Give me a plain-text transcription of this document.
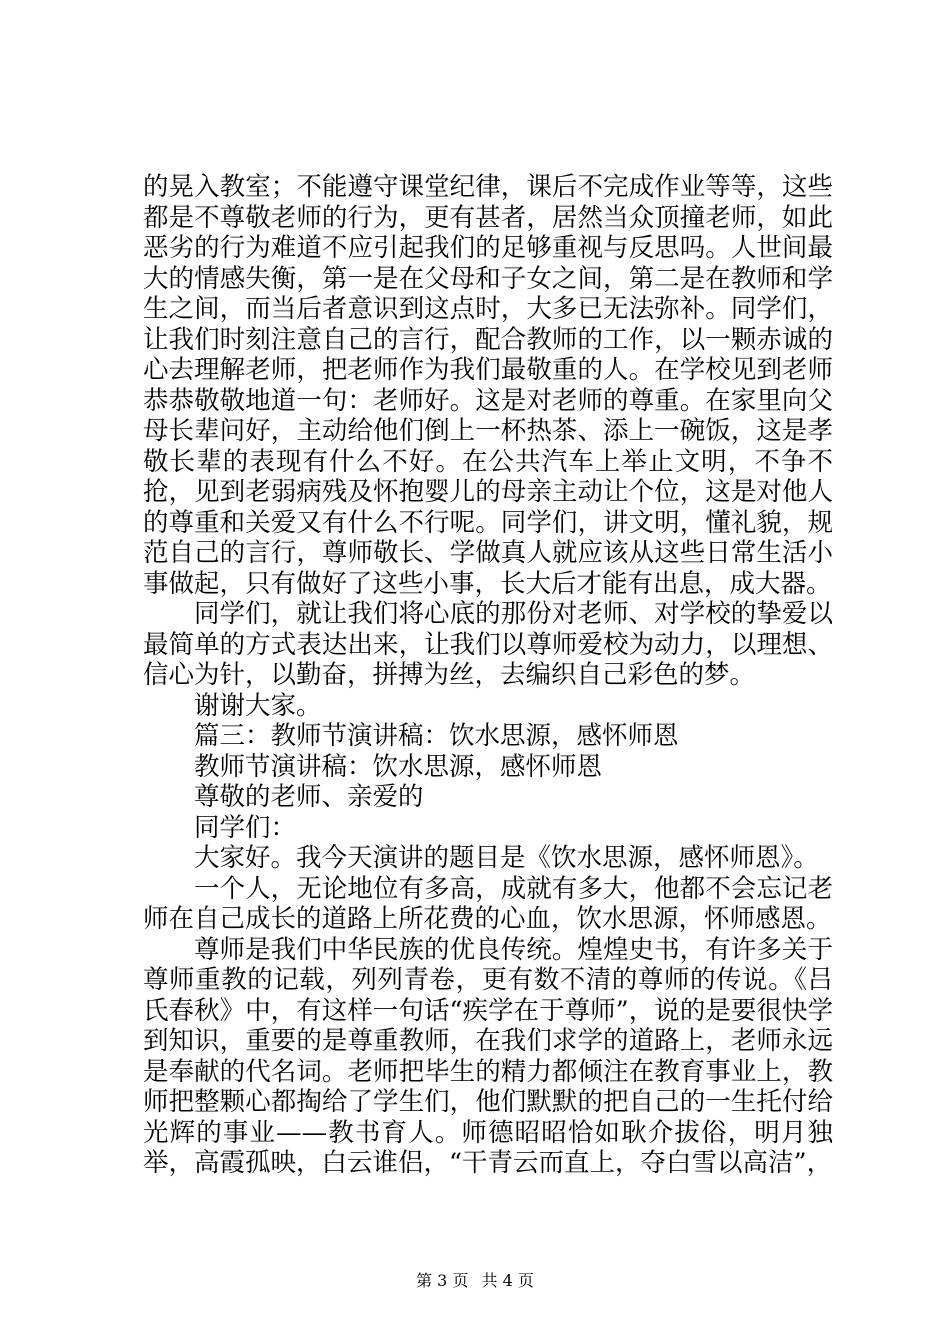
的晃入教室；不能遵守课堂纪律，课后不完成作业等等，这些都是不尊敬老师的行为，更有甚者，居然当众顶撞老师，如此恶劣的行为难道不应引起我们的足够重视与反思吗。人世间最大的情感失衡，第一是在父母和子女之间，第二是在教师和学生之间，而当后者意识到这点时，大多已无法弥补。同学们，让我们时刻注意自己的言行，配合教师的工作，以一颗赤诚的心去理解老师，把老师作为我们最敬重的人。在学校见到老师恭恭敬敬地道一句：老师好。这是对老师的尊重。在家里向父母长辈问好，主动给他们倒上一杯热茶、添上一碗饭，这是孝敬长辈的表现有什么不好。在公共汽车上举止文明，不争不抢，见到老弱病残及怀抱婴儿的母亲主动让个位，这是对他人的尊重和关爱又有什么不行呢。同学们，讲文明，懂礼貌，规范自己的言行，尊师敬长、学做真人就应该从这些日常生活小事做起，只有做好了这些小事，长大后才能有出息，成大器。

同学们，就让我们将心底的那份对老师、对学校的挚爱以最简单的方式表达出来，让我们以尊师爱校为动力，以理想、信心为针，以勤奋，拼搏为丝，去编织自己彩色的梦。

谢谢大家。

篇三：教师节演讲稿：饮水思源，感怀师恩

教师节演讲稿：饮水思源，感怀师恩

尊敬的老师、亲爱的

同学们：

大家好。我今天演讲的题目是《饮水思源，感怀师恩》。

一个人，无论地位有多高，成就有多大，他都不会忘记老师在自己成长的道路上所花费的心血，饮水思源，怀师感恩。

尊师是我们中华民族的优良传统。煌煌史书，有许多关于尊师重教的记载，列列青卷，更有数不清的尊师的传说。《吕氏春秋》中，有这样一句话“疾学在于尊师”，说的是要很快学到知识，重要的是尊重教师，在我们求学的道路上，老师永远是奉献的代名词。老师把毕生的精力都倾注在教育事业上，教师把整颗心都掏给了学生们，他们默默的把自己的一生托付给光辉的事业——教书育人。师德昭昭恰如耿介拔俗，明月独举，高霞孤映，白云谁侣，“干青云而直上，夺白雪以高洁”，

第 3 页 共 4 页
